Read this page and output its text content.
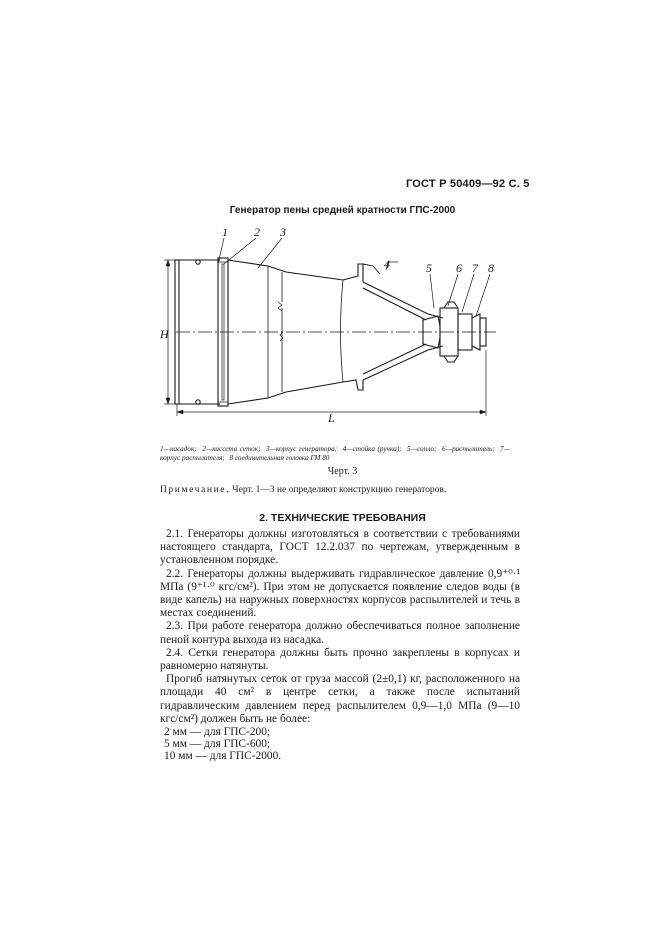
ГОСТ Р 50409—92 С. 5
Генератор пены средней кратности ГПС-2000
1 2 3
4	5 6 7 8
H
L
1—насадок; 2—кассета сеток; 3—корпус генератора; 4—стойка (ручка); 5—сопло; 6—распылитель; 7—корпус распылителя; 8 соединительная головка ГМ 80
Черт. 3
Примечание. Черт. 1—3 не определяют конструкцию генераторов.
2. ТЕХНИЧЕСКИЕ ТРЕБОВАНИЯ

2.1. Генераторы должны изготовляться в соответствии с требованиями настоящего стандарта, ГОСТ 12.2.037 по чертежам, утвержденным в установленном порядке.

2.2. Генераторы должны выдерживать гидравлическое давление 0,9⁺⁰·¹ МПа (9⁺¹·⁰ кгс/см²). При этом не допускается появление следов воды (в виде капель) на наружных поверхностях корпусов распылителей и течь в местах соединений.

2.3. При работе генератора должно обеспечиваться полное заполнение пеной контура выхода из насадка.

2.4. Сетки генератора должны быть прочно закреплены в корпусах и равномерно натянуты.

Прогиб натянутых сеток от груза массой (2±0,1) кг, расположенного на площади 40 см² в центре сетки, а также после испытаний гидравлическим давлением перед распылителем 0,9—1,0 МПа (9—10 кгс/см²) должен быть не более:

2 мм — для ГПС-200;
5 мм — для ГПС-600;
10 мм — для ГПС-2000.
